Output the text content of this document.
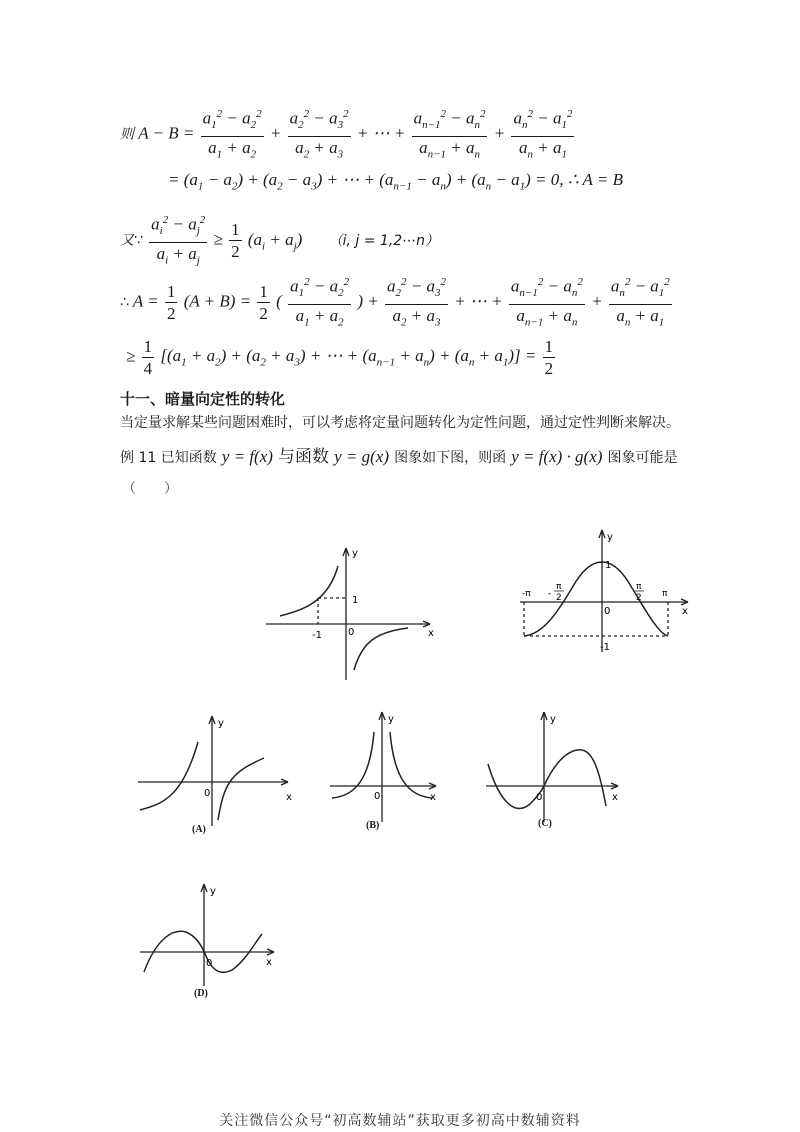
则 $A - B = \frac{a_1^2 - a_2^2}{a_1 + a_2} + \frac{a_2^2 - a_3^2}{a_2 + a_3}$ + ⋯ + $\frac{a_{n-1}^2 - a_n^2}{a_{n-1} + a_n} + \frac{a_n^2 - a_1^2}{a_n + a_1}$
= $(a_1 - a_2) + (a_2 - a_3)$ + ⋯ + $(a_{n-1} - a_n) + (a_n - a_1) = 0$, ∴ A = B
又∵ $\frac{a_i^2 - a_j^2}{a_i + a_j} \ge \frac{1}{2} (a_i + a_j)$ （i, j = 1,2⋯n）
∴ $A = \frac{1}{2} (A + B) = \frac{1}{2}$ ( $\frac{a_1^2 - a_2^2}{a_1 + a_2}$ ) + $\frac{a_2^2 - a_3^2}{a_2 + a_3}$ + ⋯ + $\frac{a_{n-1}^2 - a_n^2}{a_{n-1} + a_n} + \frac{a_n^2 - a_1^2}{a_n + a_1}$
≥ $\frac{1}{4} [(a_1 + a_2) + (a_2 + a_3)$ + ⋯ + $(a_{n-1} + a_n) + (a_n + a_1)] = \frac{1}{2}$
十一、暗量向定性的转化
当定量求解某些问题困难时，可以考虑将定量问题转化为定性问题，通过定性判断来解决。
例 11 已知函数 y = f(x) 与函数 y = g(x) 图象如下图，则函 y = f(x) · g(x) 图象可能是
（　　）
y
x
1
-1	0
y
x
-π
π
2
-
π
2 π
0
1
-1
y
x
0
(A)
y
x
0
(B)
y
x
0
(C)
y
x
0
(D)
关注微信公众号“初高数辅站”获取更多初高中数辅资料
